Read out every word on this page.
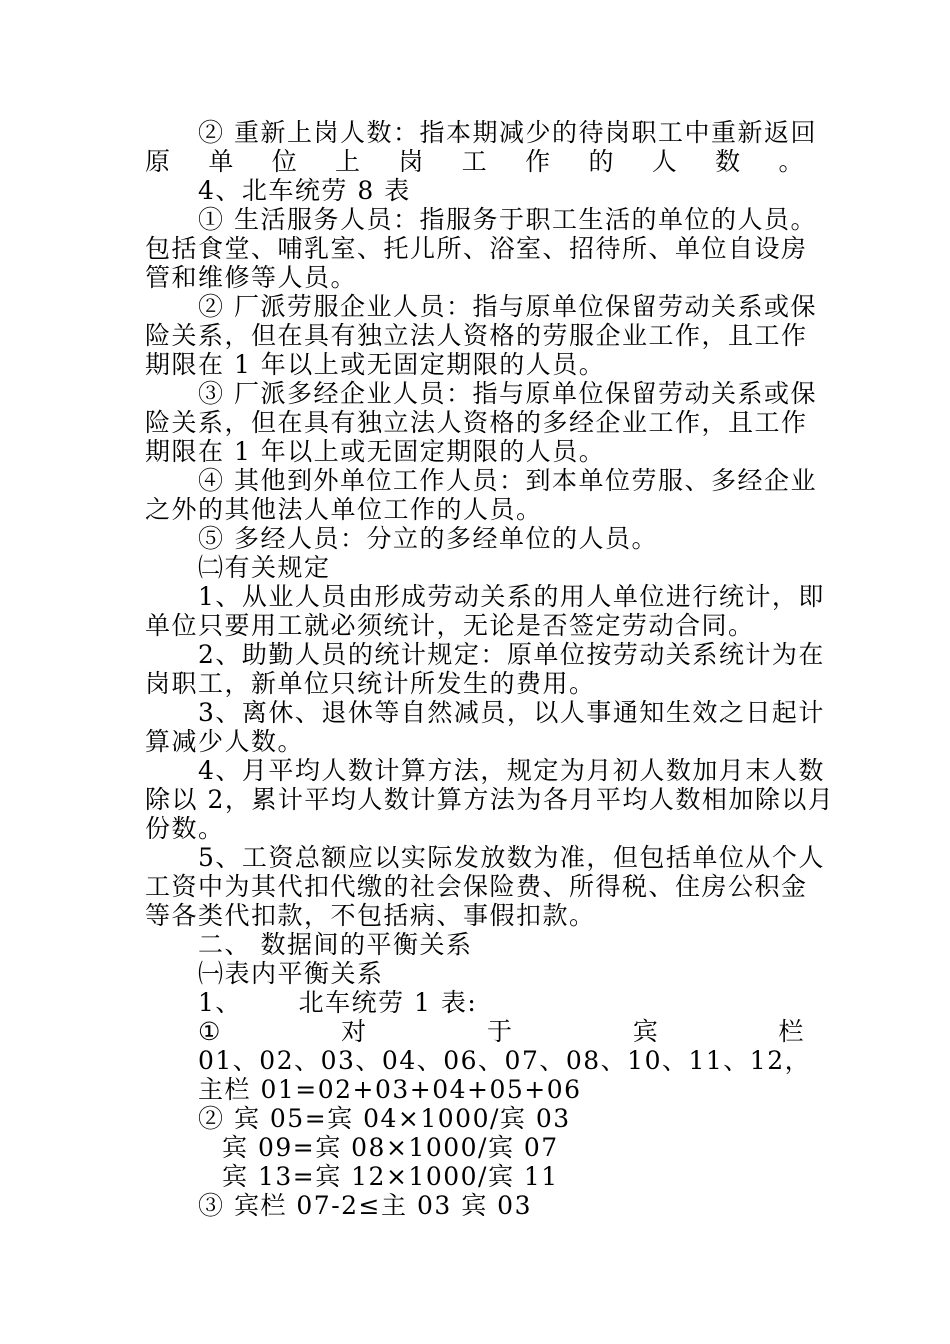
② 重新上岗人数：指本期减少的待岗职工中重新返回
原单位上岗工作的人数。
4、北车统劳 8 表
① 生活服务人员：指服务于职工生活的单位的人员。
包括食堂、哺乳室、托儿所、浴室、招待所、单位自设房
管和维修等人员。
② 厂派劳服企业人员：指与原单位保留劳动关系或保
险关系，但在具有独立法人资格的劳服企业工作，且工作
期限在 1 年以上或无固定期限的人员。
③ 厂派多经企业人员：指与原单位保留劳动关系或保
险关系，但在具有独立法人资格的多经企业工作，且工作
期限在 1 年以上或无固定期限的人员。
④ 其他到外单位工作人员：到本单位劳服、多经企业
之外的其他法人单位工作的人员。
⑤ 多经人员：分立的多经单位的人员。
㈡有关规定
1、从业人员由形成劳动关系的用人单位进行统计，即
单位只要用工就必须统计，无论是否签定劳动合同。
2、助勤人员的统计规定：原单位按劳动关系统计为在
岗职工，新单位只统计所发生的费用。
3、离休、退休等自然减员，以人事通知生效之日起计
算减少人数。
4、月平均人数计算方法，规定为月初人数加月末人数
除以 2，累计平均人数计算方法为各月平均人数相加除以月
份数。
5、工资总额应以实际发放数为准，但包括单位从个人
工资中为其代扣代缴的社会保险费、所得税、住房公积金
等各类代扣款，不包括病、事假扣款。
二、 数据间的平衡关系
㈠表内平衡关系
1、      北车统劳 1 表:
①	对	于	宾	栏
01、02、03、04、06、07、08、10、11、12，
主栏 01=02+03+04+05+06
② 宾 05=宾 04×1000/宾 03
宾 09=宾 08×1000/宾 07
宾 13=宾 12×1000/宾 11
③ 宾栏 07-2≤主 03 宾 03
